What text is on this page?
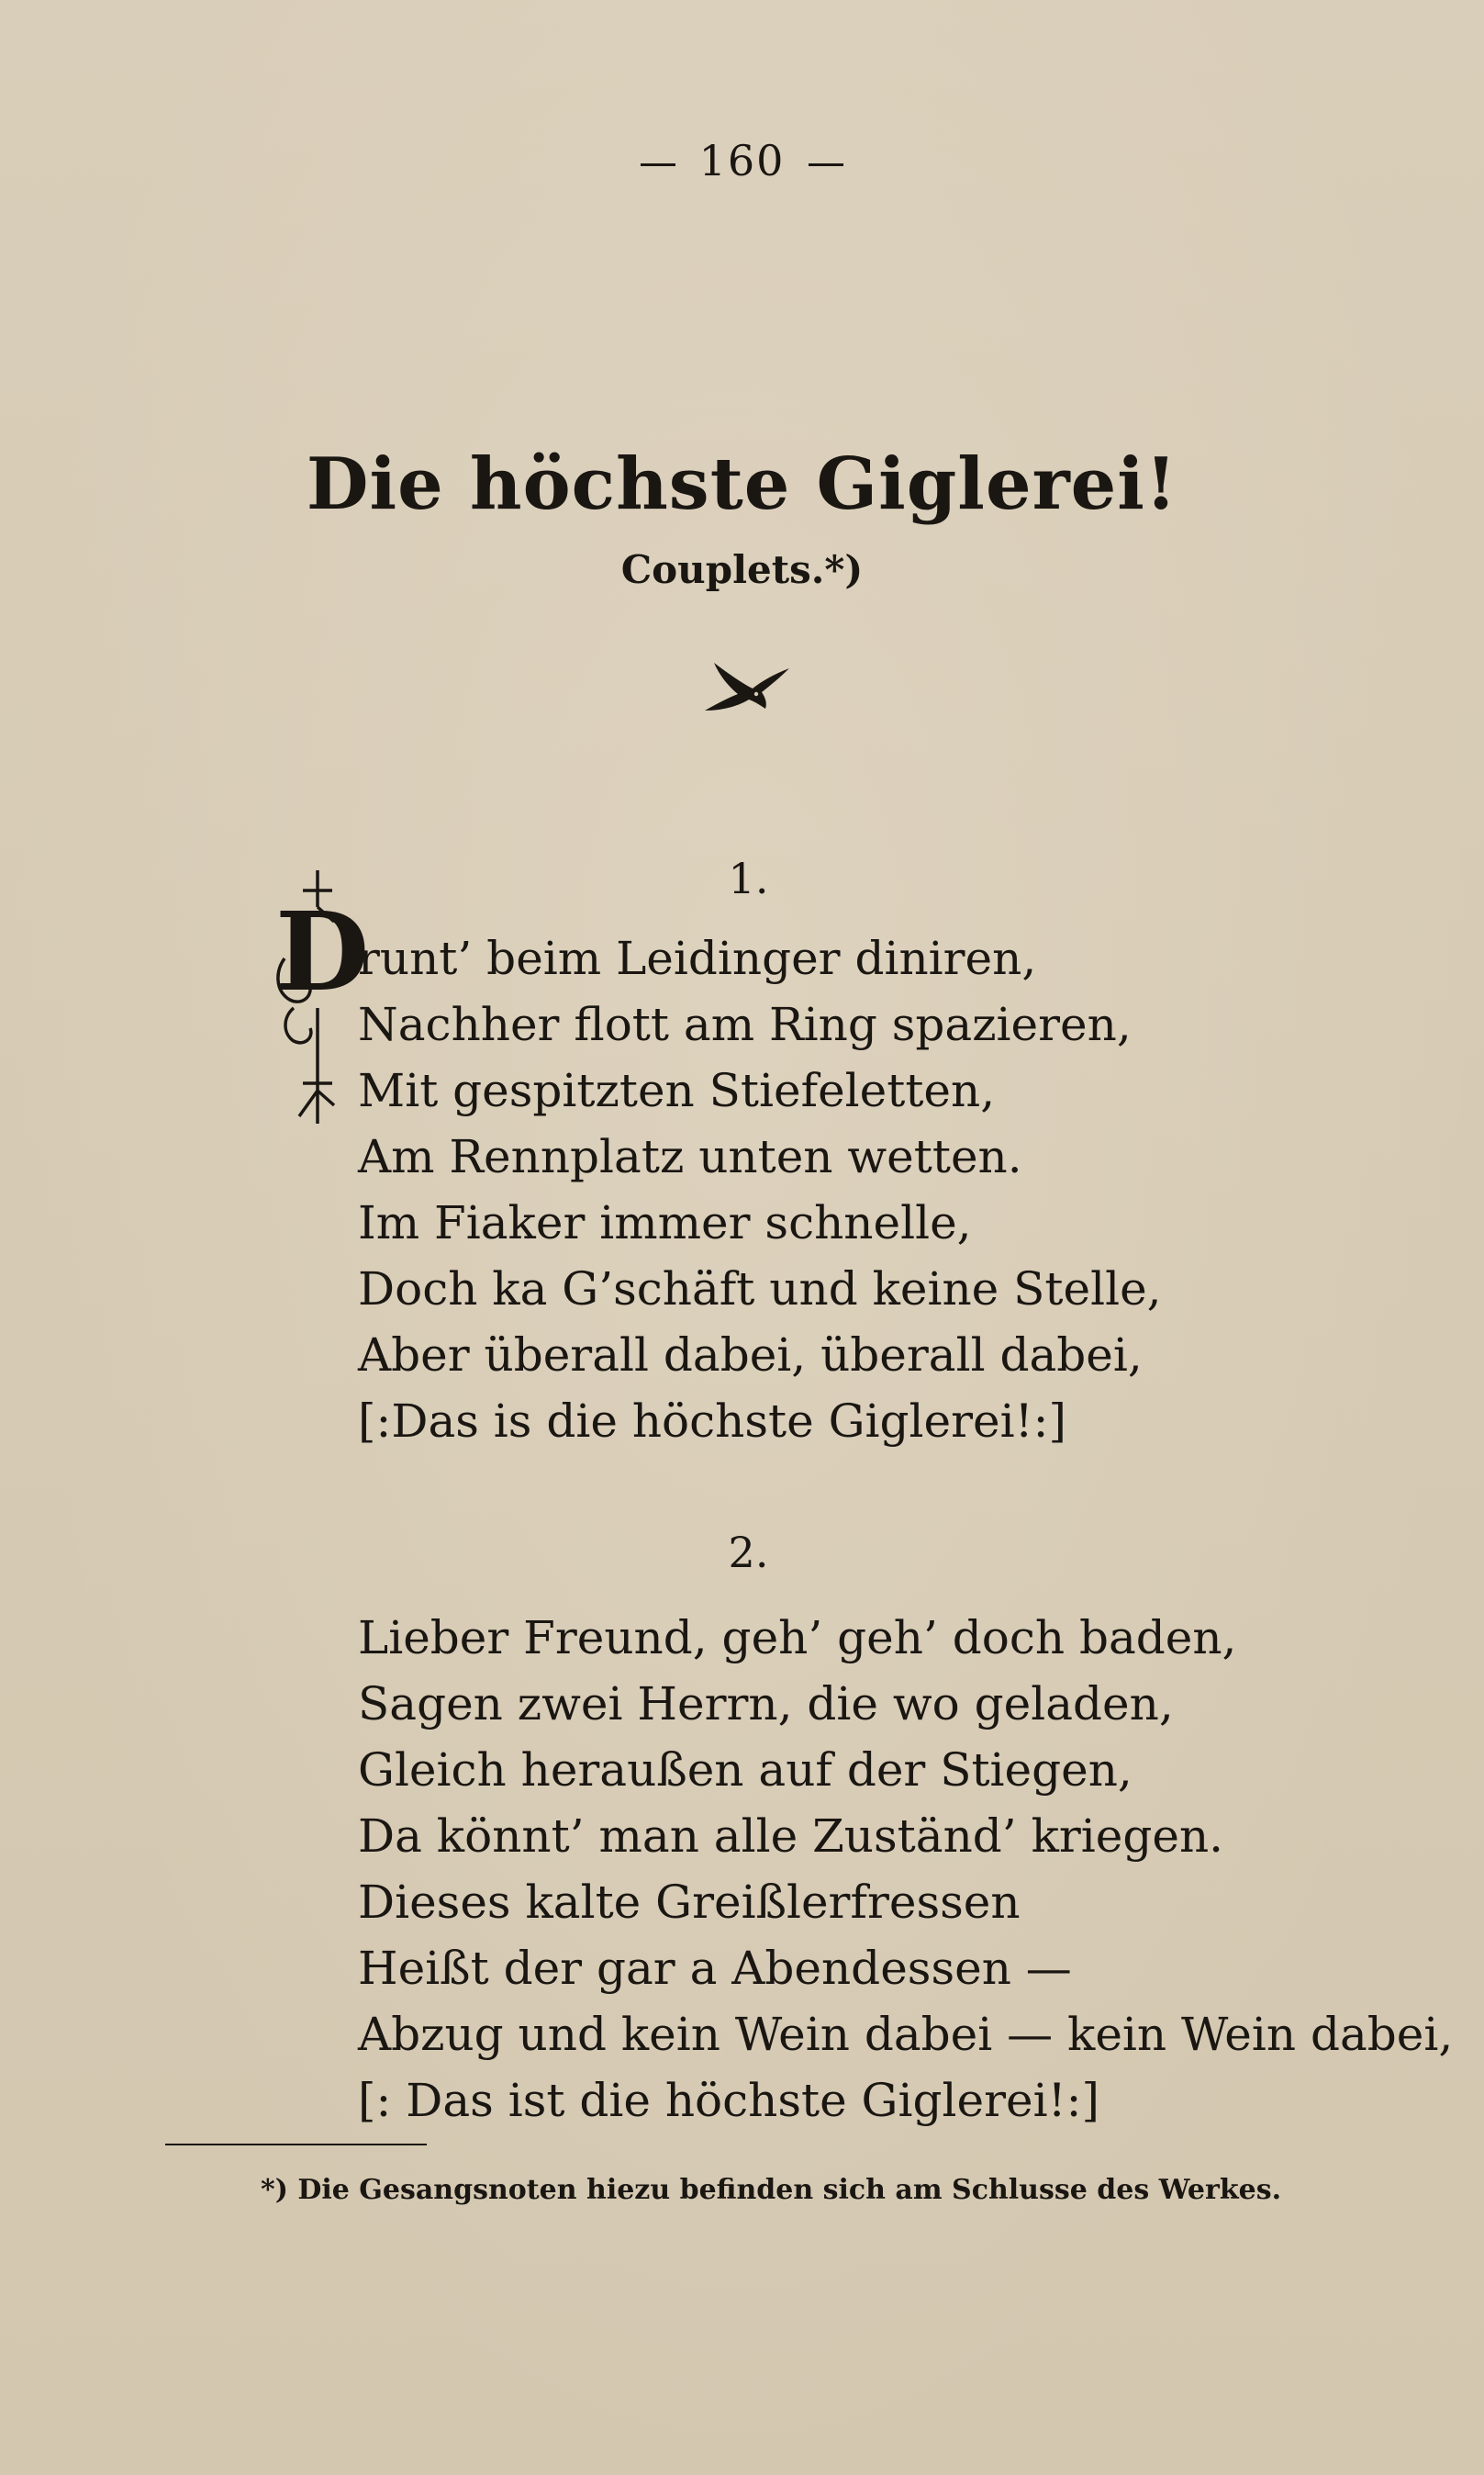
160
Die höchste Giglerei!
Couplets.*)
1.
D
runt’ beim Leidinger diniren,
Nachher flott am Ring spazieren,
Mit gespitzten Stiefeletten,
Am Rennplatz unten wetten.
Im Fiaker immer schnelle,
Doch ka G’schäft und keine Stelle,
Aber überall dabei, überall dabei,
[:Das is die höchste Giglerei!:]
2.
Lieber Freund, geh’ geh’ doch baden,
Sagen zwei Herrn, die wo geladen,
Gleich heraußen auf der Stiegen,
Da könnt’ man alle Zuständ’ kriegen.
Dieses kalte Greißlerfressen
Heißt der gar a Abendessen —
Abzug und kein Wein dabei — kein Wein dabei,
[: Das ist die höchste Giglerei!:]
*) Die Gesangsnoten hiezu befinden sich am Schlusse des Werkes.
